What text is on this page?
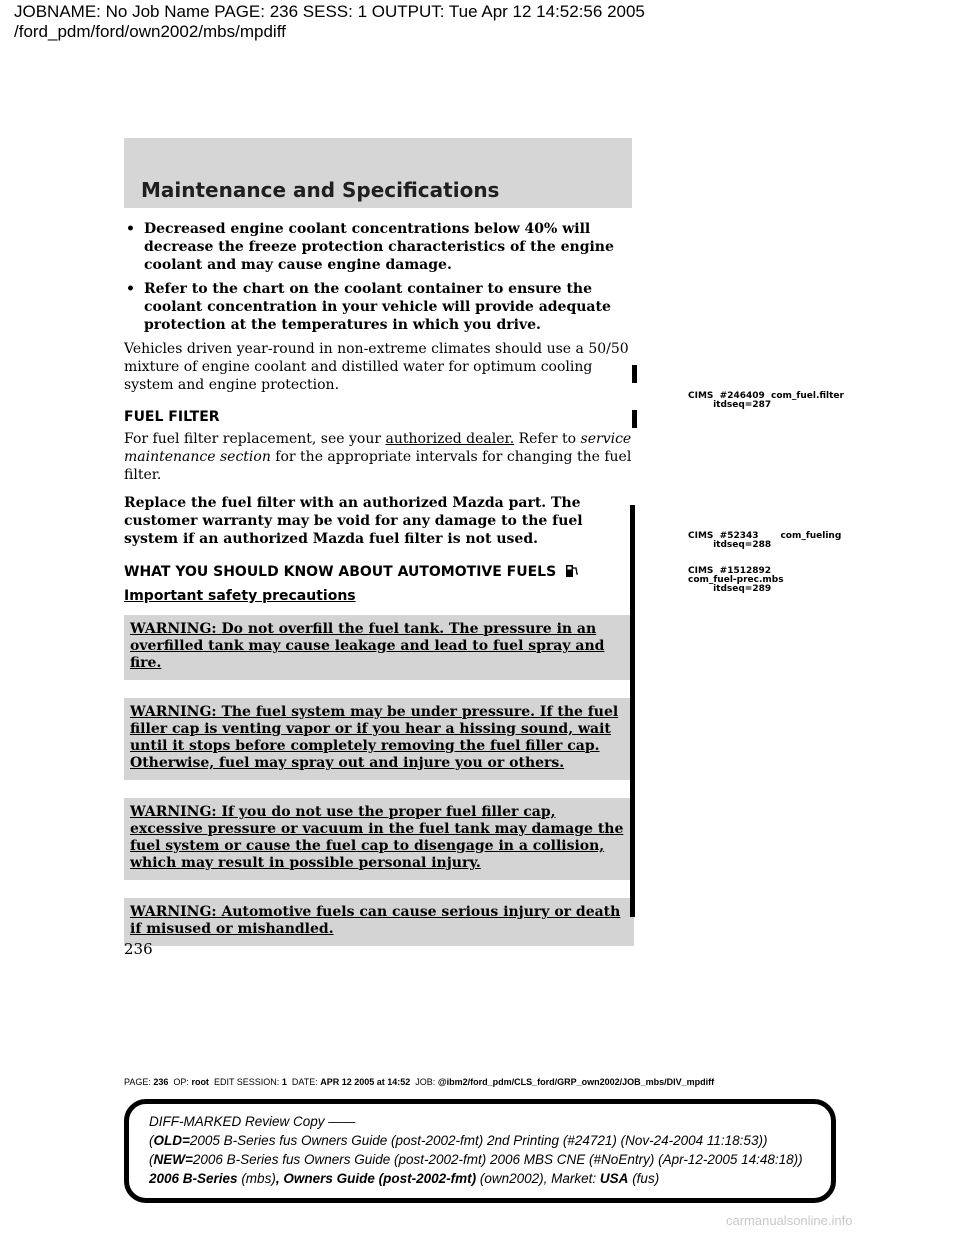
JOBNAME: No Job Name PAGE: 236 SESS: 1 OUTPUT: Tue Apr 12 14:52:56 2005
/ford_pdm/ford/own2002/mbs/mpdiff
Maintenance and Specifications
• Decreased engine coolant concentrations below 40% will decrease the freeze protection characteristics of the engine coolant and may cause engine damage.
• Refer to the chart on the coolant container to ensure the coolant concentration in your vehicle will provide adequate protection at the temperatures in which you drive.

Vehicles driven year-round in non-extreme climates should use a 50/50 mixture of engine coolant and distilled water for optimum cooling system and engine protection.

FUEL FILTER

For fuel filter replacement, see your authorized dealer. Refer to service maintenance section for the appropriate intervals for changing the fuel filter.

Replace the fuel filter with an authorized Mazda part. The customer warranty may be void for any damage to the fuel system if an authorized Mazda fuel filter is not used.

WHAT YOU SHOULD KNOW ABOUT AUTOMOTIVE FUELS
Important safety precautions
WARNING: Do not overfill the fuel tank. The pressure in an overfilled tank may cause leakage and lead to fuel spray and fire.
WARNING: The fuel system may be under pressure. If the fuel filler cap is venting vapor or if you hear a hissing sound, wait until it stops before completely removing the fuel filler cap. Otherwise, fuel may spray out and injure you or others.
WARNING: If you do not use the proper fuel filler cap, excessive pressure or vacuum in the fuel tank may damage the fuel system or cause the fuel cap to disengage in a collision, which may result in possible personal injury.
WARNING: Automotive fuels can cause serious injury or death if misused or mishandled.
CIMS  #246409  com_fuel.filter
itdseq=287
CIMS  #52343       com_fueling
itdseq=288
CIMS  #1512892
com_fuel-prec.mbs
itdseq=289
236
PAGE: 236 OP: root EDIT SESSION: 1 DATE: APR 12 2005 at 14:52 JOB: @ibm2/ford_pdm/CLS_ford/GRP_own2002/JOB_mbs/DIV_mpdiff
DIFF-MARKED Review Copy ——
(OLD=2005 B-Series fus Owners Guide (post-2002-fmt) 2nd Printing (#24721) (Nov-24-2004 11:18:53))
(NEW=2006 B-Series fus Owners Guide (post-2002-fmt) 2006 MBS CNE (#NoEntry) (Apr-12-2005 14:48:18))
2006 B-Series (mbs), Owners Guide (post-2002-fmt) (own2002), Market: USA (fus)
carmanualsonline.info
